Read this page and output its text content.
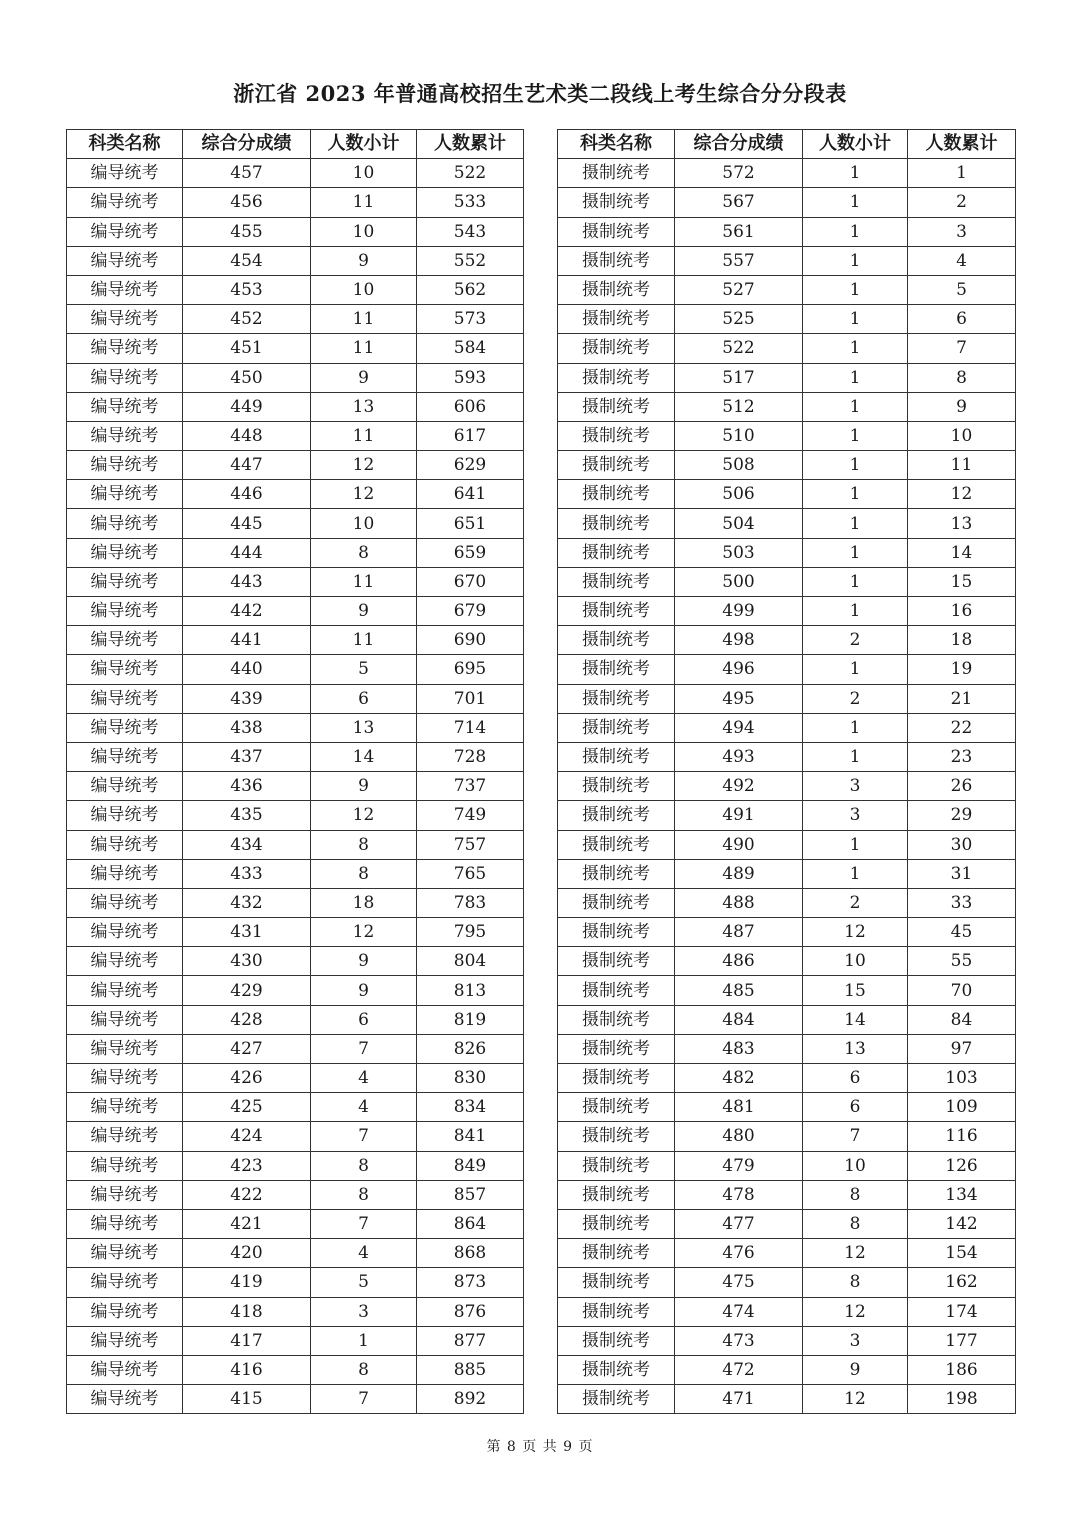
浙江省 2023 年普通高校招生艺术类二段线上考生综合分分段表
科类名称	综合分成绩	人数小计	人数累计
编导统考	457	10	522
编导统考	456	11	533
编导统考	455	10	543
编导统考	454	9	552
编导统考	453	10	562
编导统考	452	11	573
编导统考	451	11	584
编导统考	450	9	593
编导统考	449	13	606
编导统考	448	11	617
编导统考	447	12	629
编导统考	446	12	641
编导统考	445	10	651
编导统考	444	8	659
编导统考	443	11	670
编导统考	442	9	679
编导统考	441	11	690
编导统考	440	5	695
编导统考	439	6	701
编导统考	438	13	714
编导统考	437	14	728
编导统考	436	9	737
编导统考	435	12	749
编导统考	434	8	757
编导统考	433	8	765
编导统考	432	18	783
编导统考	431	12	795
编导统考	430	9	804
编导统考	429	9	813
编导统考	428	6	819
编导统考	427	7	826
编导统考	426	4	830
编导统考	425	4	834
编导统考	424	7	841
编导统考	423	8	849
编导统考	422	8	857
编导统考	421	7	864
编导统考	420	4	868
编导统考	419	5	873
编导统考	418	3	876
编导统考	417	1	877
编导统考	416	8	885
编导统考	415	7	892
科类名称	综合分成绩	人数小计	人数累计
摄制统考	572	1	1
摄制统考	567	1	2
摄制统考	561	1	3
摄制统考	557	1	4
摄制统考	527	1	5
摄制统考	525	1	6
摄制统考	522	1	7
摄制统考	517	1	8
摄制统考	512	1	9
摄制统考	510	1	10
摄制统考	508	1	11
摄制统考	506	1	12
摄制统考	504	1	13
摄制统考	503	1	14
摄制统考	500	1	15
摄制统考	499	1	16
摄制统考	498	2	18
摄制统考	496	1	19
摄制统考	495	2	21
摄制统考	494	1	22
摄制统考	493	1	23
摄制统考	492	3	26
摄制统考	491	3	29
摄制统考	490	1	30
摄制统考	489	1	31
摄制统考	488	2	33
摄制统考	487	12	45
摄制统考	486	10	55
摄制统考	485	15	70
摄制统考	484	14	84
摄制统考	483	13	97
摄制统考	482	6	103
摄制统考	481	6	109
摄制统考	480	7	116
摄制统考	479	10	126
摄制统考	478	8	134
摄制统考	477	8	142
摄制统考	476	12	154
摄制统考	475	8	162
摄制统考	474	12	174
摄制统考	473	3	177
摄制统考	472	9	186
摄制统考	471	12	198
第 8 页 共 9 页
